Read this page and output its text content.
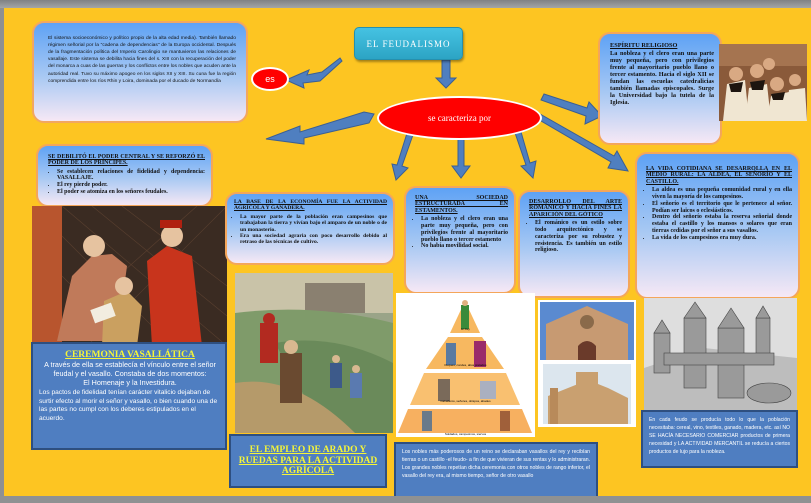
EL FEUDALISMO
es
se caracteriza por
El sistema socioeconómico y político propio de la alta edad media). También llamado régimen señorial por la "cadena de dependencias" de la Europa occidental. Después de la fragmentación política del Imperio Carolingio se mantuvieron las relaciones de vasallaje. Este sistema se debilita hacia fines del s. XIII con la recuperación del poder del monarca a cuas de las guerras y los conflictos entre los nobles que acuden ante la autoridad real. Tuvo su máximo apogeo en los siglos XII y XIII. Su cuna fue la región comprendida entre los ríos Rhin y Loira, dominada por el ducado de Normandía
ESPÍRITU RELIGIOSO
La nobleza y el clero eran una parte muy pequeña, pero con privilegios frente al mayoritario pueblo llano o tercer estamento. Hacia el siglo XII se fundan las escuelas catedralicias también llamadas episcopales. Surge la Universidad bajo la tutela de la Iglesia.
SE DEBILITÓ EL PODER CENTRAL Y SE REFORZÓ EL PODER DE LOS PRÍNCIPES.
• Se establecen relaciones de fidelidad y dependencia: VASALLAJE.
• El rey pierde poder.
• El poder se atomiza en los señores feudales.
LA BASE DE LA ECONOMÍA FUE LA ACTIVIDAD AGRÍCOLA Y GANADERA.
• La mayor parte de la población eran campesinos que trabajaban la tierra y vivían bajo el amparo de un noble o de un monasterio.
• Era una sociedad agraria con poco desarrollo debido al retraso de las técnicas de cultivo.
UNA SOCIEDAD ESTRUCTURADA EN ESTAMENTOS.
• La nobleza y el clero eran una parte muy pequeña, pero con privilegios frente al mayoritario pueblo llano o tercer estamento
• No había movilidad social.
DESARROLLO DEL ARTE ROMÁNICO Y HACIA FINES LA APARICIÓN DEL GÓTICO
• El románico es un estilo sobre todo arquitectónico y se caracteriza por su robustez y resistencia. Es también un estilo religioso.
LA VIDA COTIDIANA SE DESARROLLA EN EL MEDIO RURAL: LA ALDEA, EL SEÑORÍO Y EL CASTILLO.
• La aldea es una pequeña comunidad rural y en ella viven la mayoría de los campesinos.
• El señorío es el territorio que le pertenece al señor. Podían ser laicos o eclesiásticos.
• Dentro del señorío estaba la reserva señorial donde estaba el castillo y los mansos o solares que eran tierras cedidas por el señor a sus vasallos.
• La vida de los campesinos era muy dura.
El Rey
Duques, condes, altos prelados
Caballeros, señores, obispos, abades
Soldados, campesinos, siervos
CEREMONIA VASALLÁTICA
A través de ella se establecía el vínculo entre el señor feudal y el vasallo. Constaba de dos momentos:
El Homenaje y la Investidura.
Los pactos de fidelidad tenían carácter vitalicio dejaban de surtir efecto al morir el señor y vasallo, o bien cuando una de las partes no cumpl con los deberes estipulados en el acuerdo.
EL EMPLEO DE ARADO Y RUEDAS PARA LA ACTIVIDAD AGRÍCOLA
Los nobles más poderosos de un reino se declaraban vasallos del rey y recibían tierras o un castillo -el feudo- a fin de que vivieran de sus rentas y lo administraran. Los grandes nobles repetían dicha ceremonia con otros nobles de rango inferior, el vasallo del rey era, al mismo tiempo, señor de otro vasallo
En cada feudo se producía todo lo que la población necesitaba: cereal, vino, textiles, ganado, madera, etc. así NO SE HACÍA NECESARIO COMERCIAR productos de primera necesidad y LA ACTIVIDAD MERCANTIL se reducía a ciertos productos de lujo para la nobleza.
